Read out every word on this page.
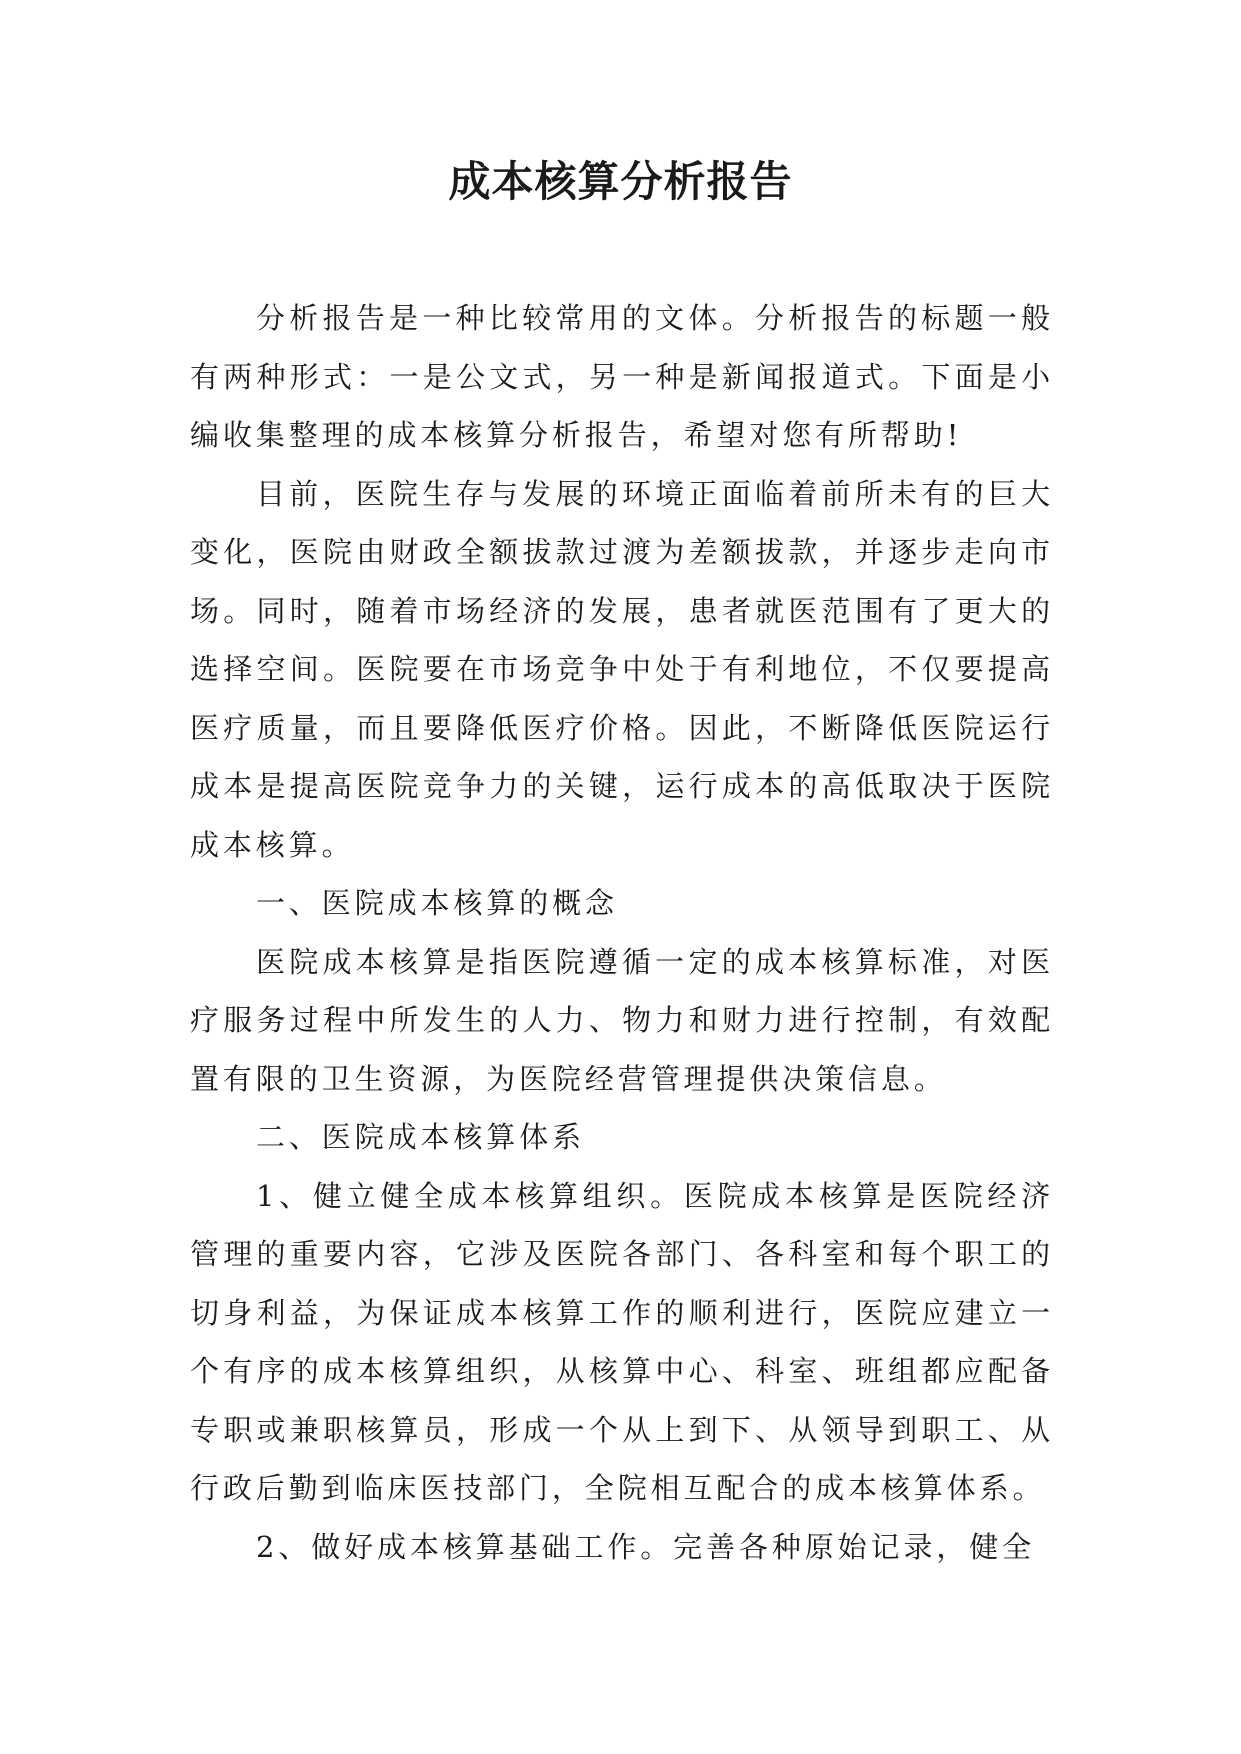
成本核算分析报告

分析报告是一种比较常用的文体。分析报告的标题一般有两种形式：一是公文式，另一种是新闻报道式。下面是小编收集整理的成本核算分析报告，希望对您有所帮助!

目前，医院生存与发展的环境正面临着前所未有的巨大变化，医院由财政全额拔款过渡为差额拔款，并逐步走向市场。同时，随着市场经济的发展，患者就医范围有了更大的选择空间。医院要在市场竞争中处于有利地位，不仅要提高医疗质量，而且要降低医疗价格。因此，不断降低医院运行成本是提高医院竞争力的关键，运行成本的高低取决于医院成本核算。

一、医院成本核算的概念

医院成本核算是指医院遵循一定的成本核算标准，对医疗服务过程中所发生的人力、物力和财力进行控制，有效配置有限的卫生资源，为医院经营管理提供决策信息。

二、医院成本核算体系

1、健立健全成本核算组织。医院成本核算是医院经济管理的重要内容，它涉及医院各部门、各科室和每个职工的切身利益，为保证成本核算工作的顺利进行，医院应建立一个有序的成本核算组织，从核算中心、科室、班组都应配备专职或兼职核算员，形成一个从上到下、从领导到职工、从行政后勤到临床医技部门，全院相互配合的成本核算体系。

2、做好成本核算基础工作。完善各种原始记录，健全
